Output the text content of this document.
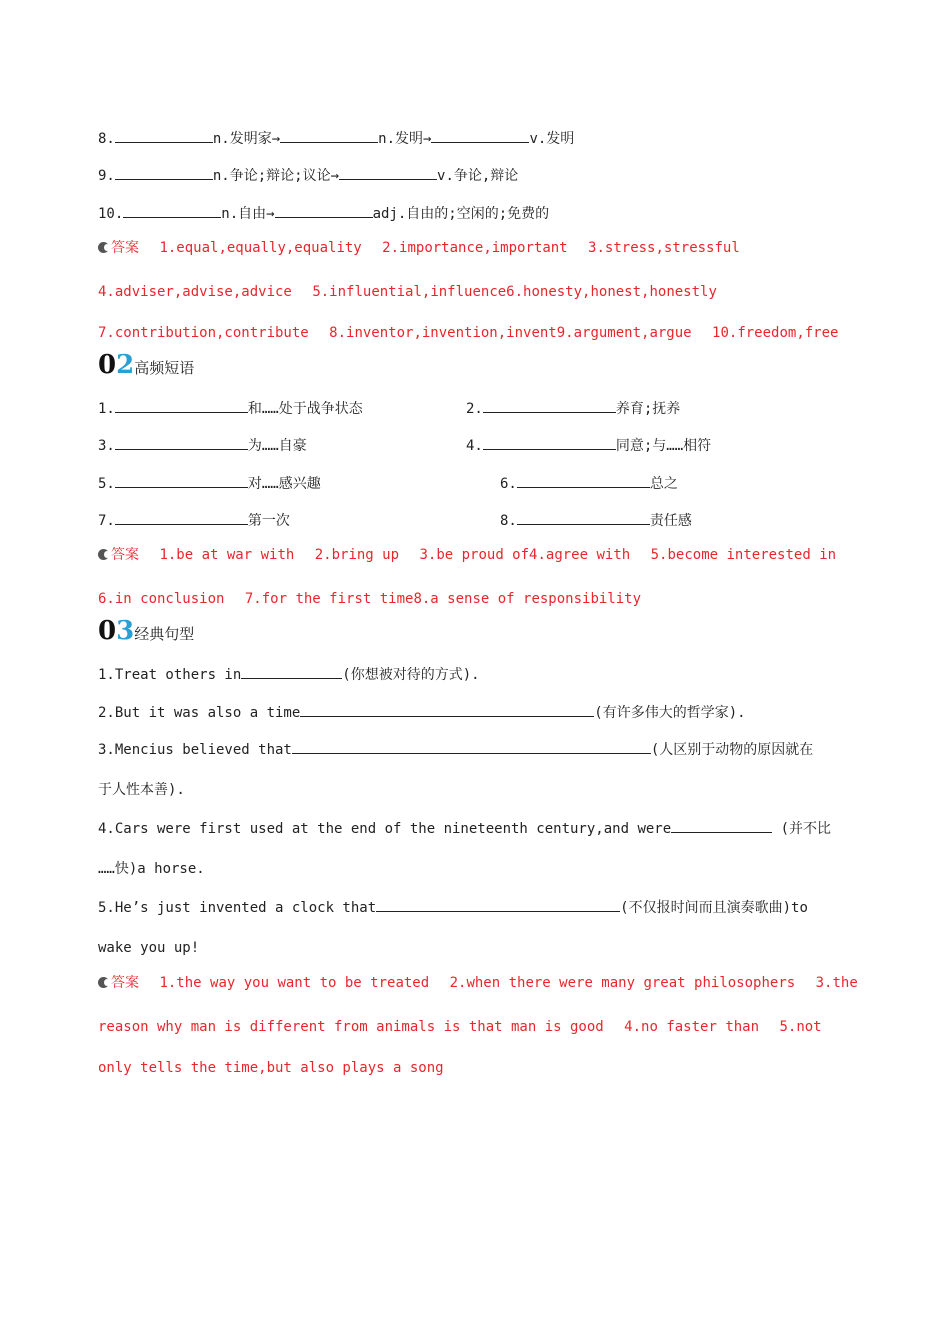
8.	n.发明家→	n.发明→	v.发明
9.	n.争论;辩论;议论→	v.争论,辩论
10.	n.自由→	adj.自由的;空闲的;免费的
答案 1.equal,equally,equality 2.importance,important 3.stress,stressful
4.adviser,advise,advice 5.influential,influence6.honesty,honest,honestly
7.contribution,contribute 8.inventor,invention,invent9.argument,argue 10.freedom,free
02高频短语
1.	和……处于战争状态	2.	养育;抚养
3.	为……自豪	4.	同意;与……相符
5.	对……感兴趣	6.	总之
7.	第一次	8.	责任感
答案 1.be at war with 2.bring up 3.be proud of4.agree with 5.become interested in
6.in conclusion 7.for the first time8.a sense of responsibility
03经典句型
1.Treat others in	(你想被对待的方式).
2.But it was also a time	(有许多伟大的哲学家).
3.Mencius believed that	(人区别于动物的原因就在
于人性本善).
4.Cars were first used at the end of the nineteenth century,and were	(并不比
……快)a horse.
5.He’s just invented a clock that	(不仅报时间而且演奏歌曲)to
wake you up!
答案 1.the way you want to be treated 2.when there were many great philosophers 3.the
reason why man is different from animals is that man is good 4.no faster than 5.not
only tells the time,but also plays a song
